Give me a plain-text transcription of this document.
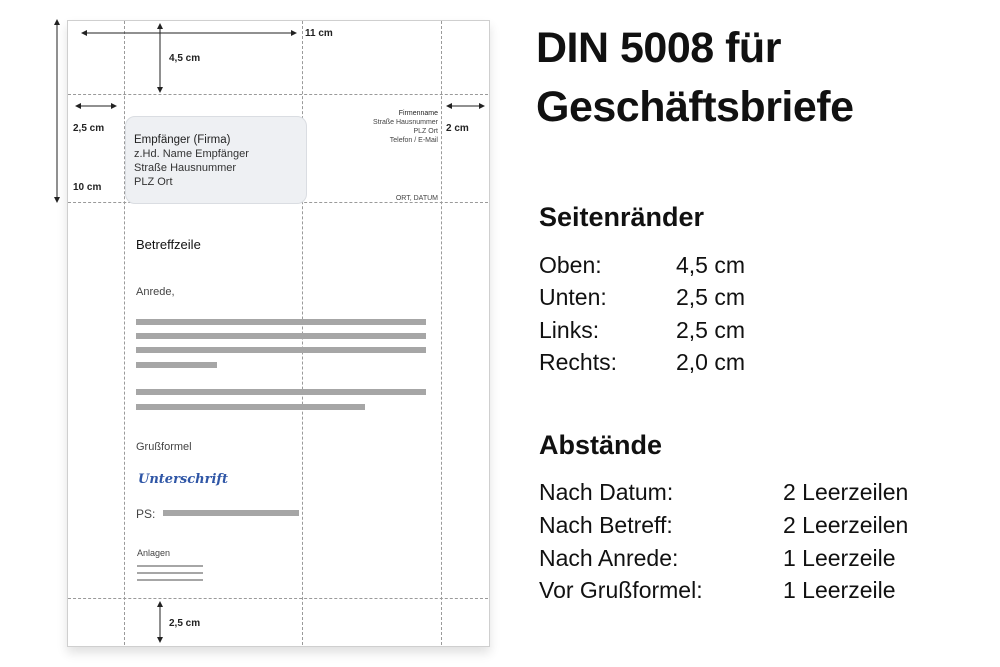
11 cm
4,5 cm
2,5 cm	2 cm
10 cm
2,5 cm
Empfänger (Firma)
z.Hd. Name Empfänger
Straße Hausnummer
PLZ Ort
Firmenname
Straße Hausnummer
PLZ Ort
Telefon / E-Mail
ORT, DATUM
Betreffzeile
Anrede,
Grußformel
Unterschrift
PS:
Anlagen
DIN 5008 für
Geschäftsbriefe
Seitenränder
Oben:	4,5 cm
Unten:	2,5 cm
Links:	2,5 cm
Rechts:	2,0 cm
Abstände
Nach Datum:	2 Leerzeilen
Nach Betreff:	2 Leerzeilen
Nach Anrede:	1 Leerzeile
Vor Grußformel:	1 Leerzeile
